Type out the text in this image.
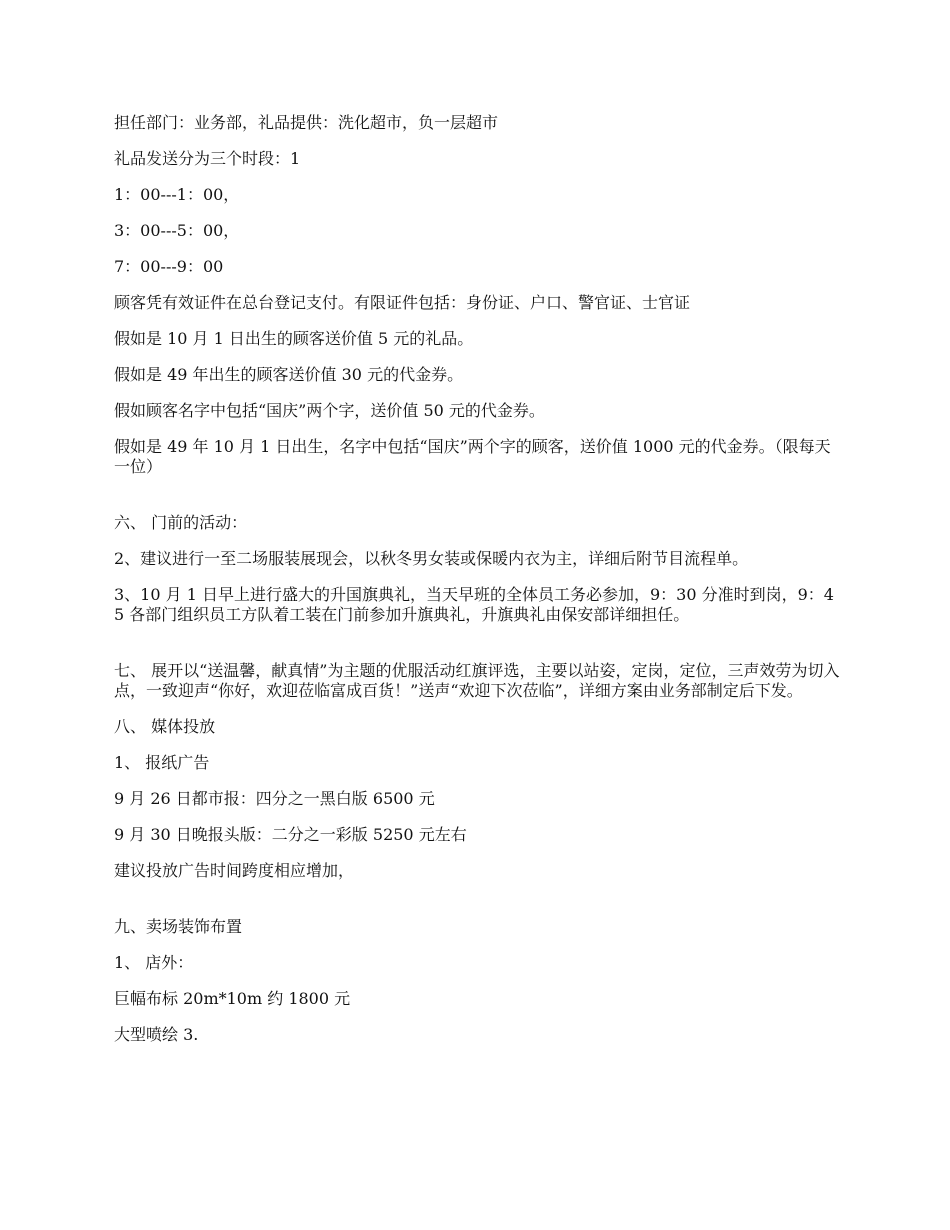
担任部门：业务部，礼品提供：洗化超市，负一层超市

礼品发送分为三个时段：1

1：00---1：00，

3：00---5：00，

7：00---9：00

顾客凭有效证件在总台登记支付。有限证件包括：身份证、户口、警官证、士官证

假如是 10 月 1 日出生的顾客送价值 5 元的礼品。

假如是 49 年出生的顾客送价值 30 元的代金券。

假如顾客名字中包括“国庆”两个字，送价值 50 元的代金券。

假如是 49 年 10 月 1 日出生，名字中包括“国庆”两个字的顾客，送价值 1000 元的代金券。（限每天一位）

六、 门前的活动：

2、建议进行一至二场服装展现会，以秋冬男女装或保暖内衣为主，详细后附节目流程单。

3、10 月 1 日早上进行盛大的升国旗典礼，当天早班的全体员工务必参加，9：30 分准时到岗，9：45 各部门组织员工方队着工装在门前参加升旗典礼，升旗典礼由保安部详细担任。

七、 展开以“送温馨，献真情”为主题的优服活动红旗评选，主要以站姿，定岗，定位，三声效劳为切入点，一致迎声“你好，欢迎莅临富成百货！”送声“欢迎下次莅临”，详细方案由业务部制定后下发。

八、 媒体投放

1、 报纸广告

9 月 26 日都市报：四分之一黑白版 6500 元

9 月 30 日晚报头版：二分之一彩版 5250 元左右

建议投放广告时间跨度相应增加，

九、卖场装饰布置

1、 店外：

巨幅布标 20m*10m 约 1800 元

大型喷绘 3.
